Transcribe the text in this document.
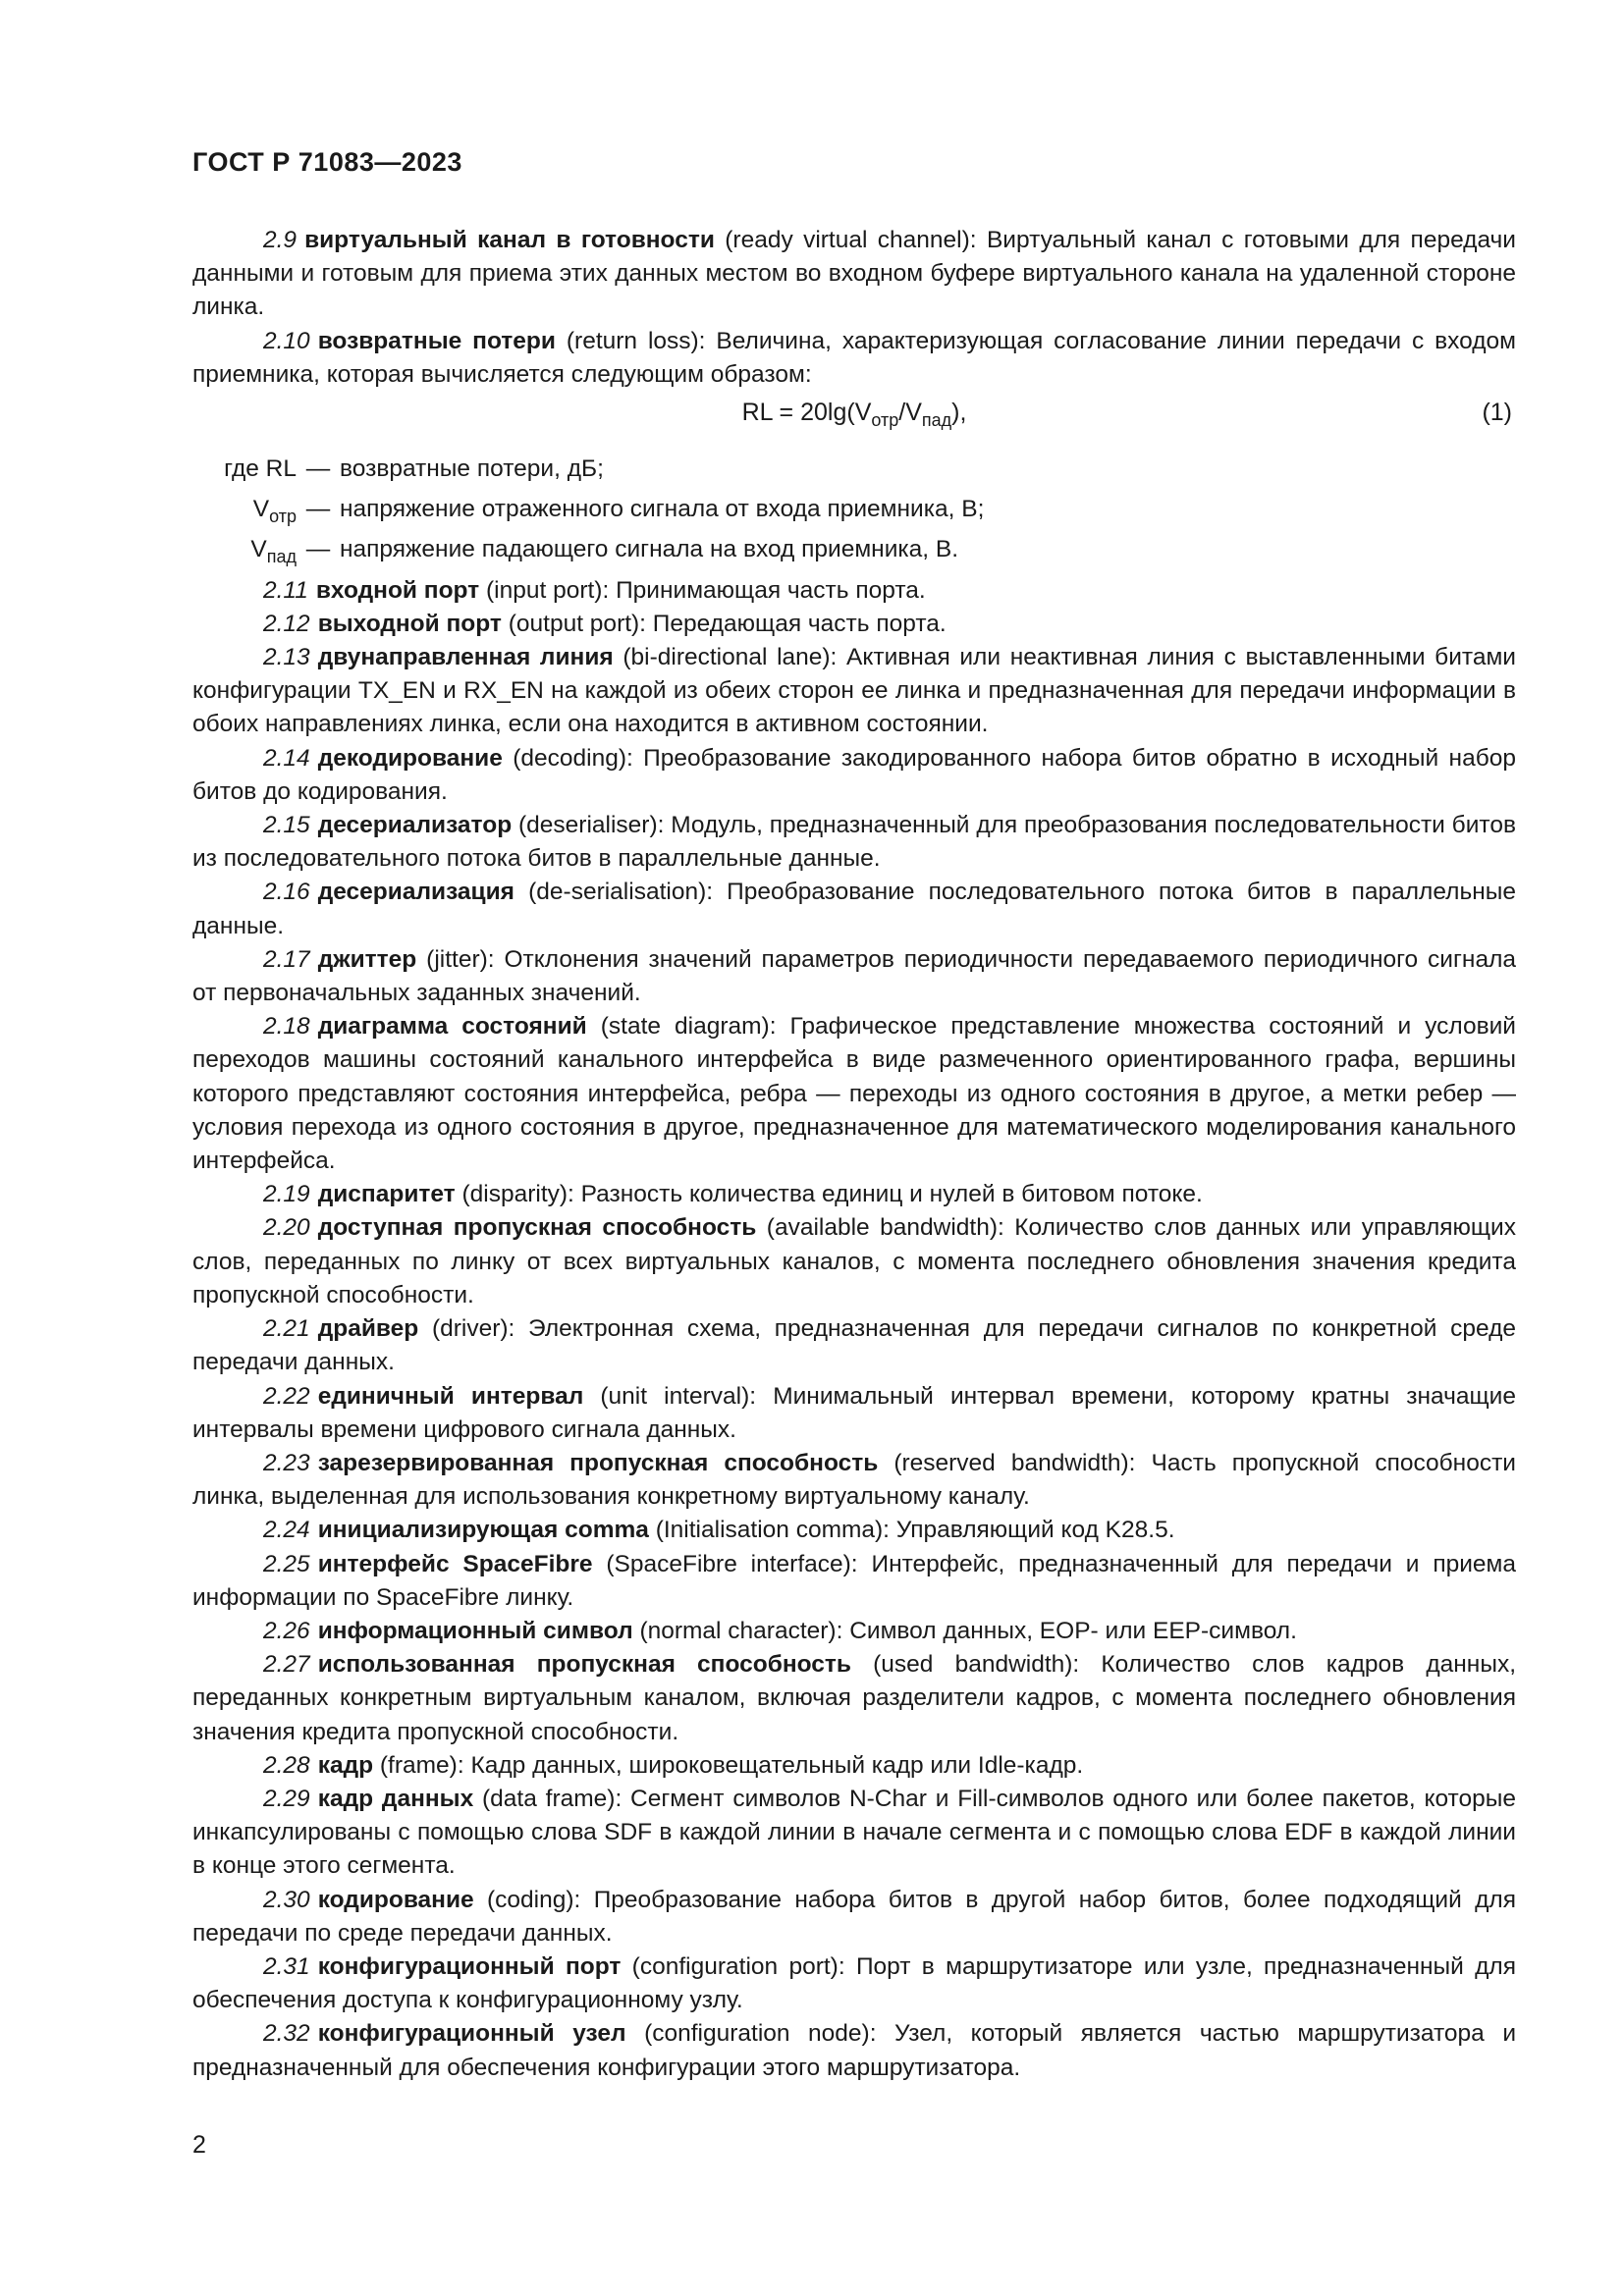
ГОСТ Р 71083—2023

2.9 виртуальный канал в готовности (ready virtual channel): Виртуальный канал с готовыми для передачи данными и готовым для приема этих данных местом во входном буфере виртуального канала на удаленной стороне линка.

2.10 возвратные потери (return loss): Величина, характеризующая согласование линии передачи с входом приемника, которая вычисляется следующим образом:

RL = $20\lg(V_{отр}/V_{пад})$,	(1)
где RL — возвратные потери, дБ;
$V_{отр}$ — напряжение отраженного сигнала от входа приемника, В;
$V_{пад}$ — напряжение падающего сигнала на вход приемника, В.

2.11 входной порт (input port): Принимающая часть порта.

2.12 выходной порт (output port): Передающая часть порта.

2.13 двунаправленная линия (bi-directional lane): Активная или неактивная линия с выставленными битами конфигурации TX_EN и RX_EN на каждой из обеих сторон ее линка и предназначенная для передачи информации в обоих направлениях линка, если она находится в активном состоянии.

2.14 декодирование (decoding): Преобразование закодированного набора битов обратно в исходный набор битов до кодирования.

2.15 десериализатор (deserialiser): Модуль, предназначенный для преобразования последовательности битов из последовательного потока битов в параллельные данные.

2.16 десериализация (de-serialisation): Преобразование последовательного потока битов в параллельные данные.

2.17 джиттер (jitter): Отклонения значений параметров периодичности передаваемого периодичного сигнала от первоначальных заданных значений.

2.18 диаграмма состояний (state diagram): Графическое представление множества состояний и условий переходов машины состояний канального интерфейса в виде размеченного ориентированного графа, вершины которого представляют состояния интерфейса, ребра — переходы из одного состояния в другое, а метки ребер — условия перехода из одного состояния в другое, предназначенное для математического моделирования канального интерфейса.

2.19 диспаритет (disparity): Разность количества единиц и нулей в битовом потоке.

2.20 доступная пропускная способность (available bandwidth): Количество слов данных или управляющих слов, переданных по линку от всех виртуальных каналов, с момента последнего обновления значения кредита пропускной способности.

2.21 драйвер (driver): Электронная схема, предназначенная для передачи сигналов по конкретной среде передачи данных.

2.22 единичный интервал (unit interval): Минимальный интервал времени, которому кратны значащие интервалы времени цифрового сигнала данных.

2.23 зарезервированная пропускная способность (reserved bandwidth): Часть пропускной способности линка, выделенная для использования конкретному виртуальному каналу.

2.24 инициализирующая comma (Initialisation comma): Управляющий код K28.5.

2.25 интерфейс SpaceFibre (SpaceFibre interface): Интерфейс, предназначенный для передачи и приема информации по SpaceFibre линку.

2.26 информационный символ (normal character): Символ данных, EOP- или EEP-символ.

2.27 использованная пропускная способность (used bandwidth): Количество слов кадров данных, переданных конкретным виртуальным каналом, включая разделители кадров, с момента последнего обновления значения кредита пропускной способности.

2.28 кадр (frame): Кадр данных, широковещательный кадр или Idle-кадр.

2.29 кадр данных (data frame): Сегмент символов N-Char и Fill-символов одного или более пакетов, которые инкапсулированы с помощью слова SDF в каждой линии в начале сегмента и с помощью слова EDF в каждой линии в конце этого сегмента.

2.30 кодирование (coding): Преобразование набора битов в другой набор битов, более подходящий для передачи по среде передачи данных.

2.31 конфигурационный порт (configuration port): Порт в маршрутизаторе или узле, предназначенный для обеспечения доступа к конфигурационному узлу.

2.32 конфигурационный узел (configuration node): Узел, который является частью маршрутизатора и предназначенный для обеспечения конфигурации этого маршрутизатора.

2
